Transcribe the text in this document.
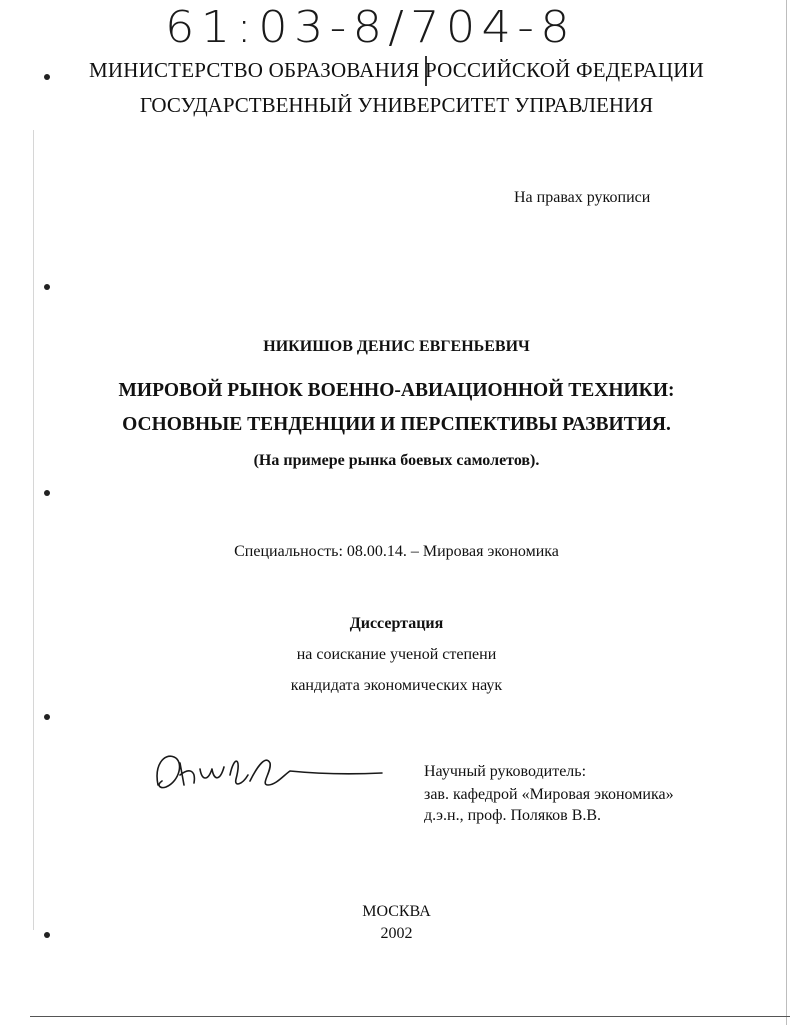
61:03-8/704-8
МИНИСТЕРСТВО ОБРАЗОВАНИЯ РОССИЙСКОЙ ФЕДЕРАЦИИ
ГОСУДАРСТВЕННЫЙ УНИВЕРСИТЕТ УПРАВЛЕНИЯ
На правах рукописи
НИКИШОВ ДЕНИС ЕВГЕНЬЕВИЧ
МИРОВОЙ РЫНОК ВОЕННО-АВИАЦИОННОЙ ТЕХНИКИ:
ОСНОВНЫЕ ТЕНДЕНЦИИ И ПЕРСПЕКТИВЫ РАЗВИТИЯ.
(На примере рынка боевых самолетов).
Специальность: 08.00.14. – Мировая экономика
Диссертация
на соискание ученой степени
кандидата экономических наук
Научный руководитель:
зав. кафедрой «Мировая экономика»
д.э.н., проф. Поляков В.В.
МОСКВА
2002
